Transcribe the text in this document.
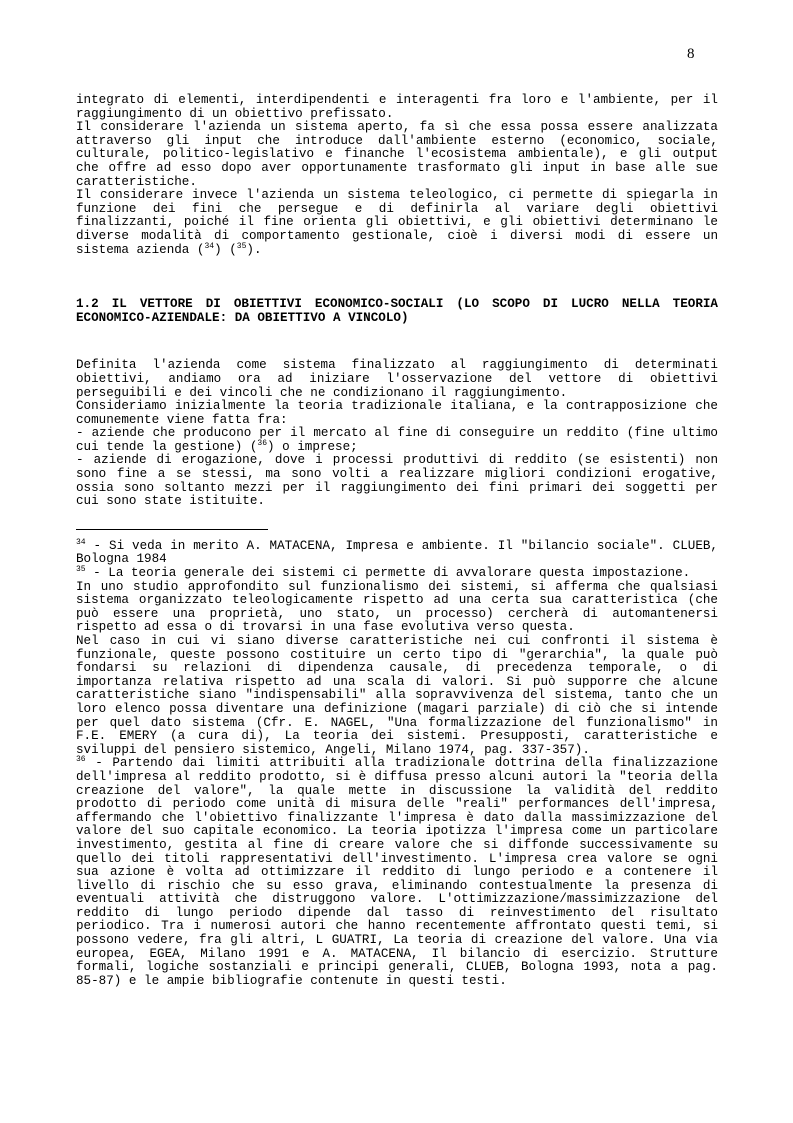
8

integrato di elementi, interdipendenti e interagenti fra loro e l'ambiente, per il raggiungimento di un obiettivo prefissato.

Il considerare l'azienda un sistema aperto, fa sì che essa possa essere analizzata attraverso gli input che introduce dall'ambiente esterno (economico, sociale, culturale, politico-legislativo e finanche l'ecosistema ambientale), e gli output che offre ad esso dopo aver opportunamente trasformato gli input in base alle sue caratteristiche.

Il considerare invece l'azienda un sistema teleologico, ci permette di spiegarla in funzione dei fini che persegue e di definirla al variare degli obiettivi finalizzanti, poiché il fine orienta gli obiettivi, e gli obiettivi determinano le diverse modalità di comportamento gestionale, cioè i diversi modi di essere un sistema azienda ($^{34}$) ($^{35}$).

1.2 IL VETTORE DI OBIETTIVI ECONOMICO-SOCIALI (LO SCOPO DI LUCRO NELLA TEORIA ECONOMICO-AZIENDALE: DA OBIETTIVO A VINCOLO)

Definita l'azienda come sistema finalizzato al raggiungimento di determinati obiettivi, andiamo ora ad iniziare l'osservazione del vettore di obiettivi perseguibili e dei vincoli che ne condizionano il raggiungimento.

Consideriamo inizialmente la teoria tradizionale italiana, e la contrapposizione che comunemente viene fatta fra:

- aziende che producono per il mercato al fine di conseguire un reddito (fine ultimo cui tende la gestione) ($^{36}$) o imprese;

- aziende di erogazione, dove i processi produttivi di reddito (se esistenti) non sono fine a se stessi, ma sono volti a realizzare migliori condizioni erogative, ossia sono soltanto mezzi per il raggiungimento dei fini primari dei soggetti per cui sono state istituite.

$^{34}$ - Si veda in merito A. MATACENA, Impresa e ambiente. Il "bilancio sociale". CLUEB, Bologna 1984

$^{35}$ - La teoria generale dei sistemi ci permette di avvalorare questa impostazione.

In uno studio approfondito sul funzionalismo dei sistemi, si afferma che qualsiasi sistema organizzato teleologicamente rispetto ad una certa sua caratteristica (che può essere una proprietà, uno stato, un processo) cercherà di automantenersi rispetto ad essa o di trovarsi in una fase evolutiva verso questa.

Nel caso in cui vi siano diverse caratteristiche nei cui confronti il sistema è funzionale, queste possono costituire un certo tipo di "gerarchia", la quale può fondarsi su relazioni di dipendenza causale, di precedenza temporale, o di importanza relativa rispetto ad una scala di valori. Si può supporre che alcune caratteristiche siano "indispensabili" alla sopravvivenza del sistema, tanto che un loro elenco possa diventare una definizione (magari parziale) di ciò che si intende per quel dato sistema (Cfr. E. NAGEL, "Una formalizzazione del funzionalismo" in F.E. EMERY (a cura di), La teoria dei sistemi. Presupposti, caratteristiche e sviluppi del pensiero sistemico, Angeli, Milano 1974, pag. 337-357).

$^{36}$ - Partendo dai limiti attribuiti alla tradizionale dottrina della finalizzazione dell'impresa al reddito prodotto, si è diffusa presso alcuni autori la "teoria della creazione del valore", la quale mette in discussione la validità del reddito prodotto di periodo come unità di misura delle "reali" performances dell'impresa, affermando che l'obiettivo finalizzante l'impresa è dato dalla massimizzazione del valore del suo capitale economico. La teoria ipotizza l'impresa come un particolare investimento, gestita al fine di creare valore che si diffonde successivamente su quello dei titoli rappresentativi dell'investimento. L'impresa crea valore se ogni sua azione è volta ad ottimizzare il reddito di lungo periodo e a contenere il livello di rischio che su esso grava, eliminando contestualmente la presenza di eventuali attività che distruggono valore. L'ottimizzazione/massimizzazione del reddito di lungo periodo dipende dal tasso di reinvestimento del risultato periodico. Tra i numerosi autori che hanno recentemente affrontato questi temi, si possono vedere, fra gli altri, L GUATRI, La teoria di creazione del valore. Una via europea, EGEA, Milano 1991 e A. MATACENA, Il bilancio di esercizio. Strutture formali, logiche sostanziali e principi generali, CLUEB, Bologna 1993, nota a pag. 85-87) e le ampie bibliografie contenute in questi testi.
